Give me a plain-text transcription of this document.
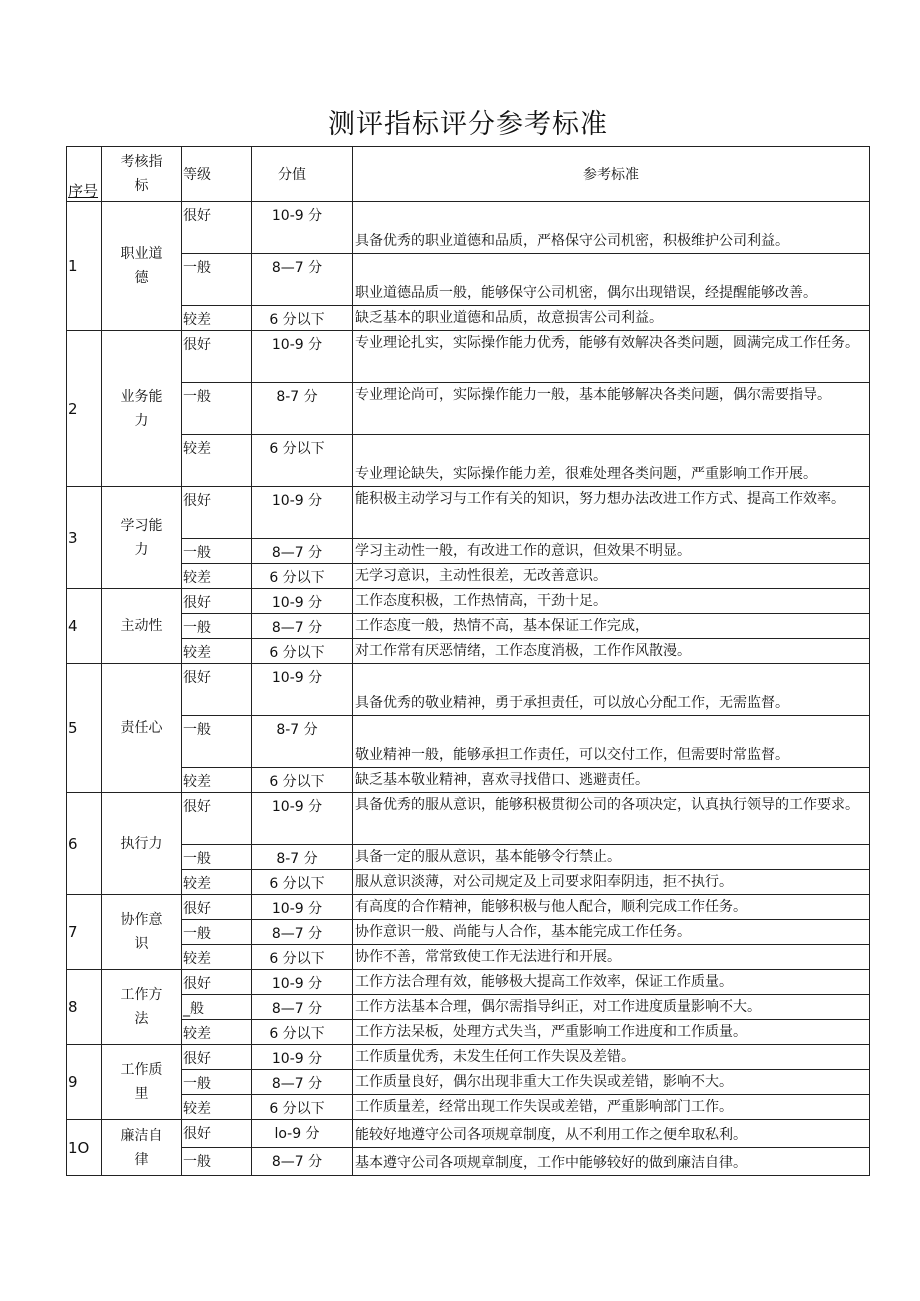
测评指标评分参考标准
序号	考核指标	等级	分值	参考标准
1	职业道德	很好	10-9 分	具备优秀的职业道德和品质，严格保守公司机密，积极维护公司利益。
		一般	8—7 分	职业道德品质一般，能够保守公司机密，偶尔出现错误，经提醒能够改善。
		较差	6 分以下	缺乏基本的职业道德和品质，故意损害公司利益。
2	业务能力	很好	10-9 分	专业理论扎实，实际操作能力优秀，能够有效解决各类问题，圆满完成工作任务。
		一般	8-7 分	专业理论尚可，实际操作能力一般，基本能够解决各类问题，偶尔需要指导。
		较差	6 分以下	专业理论缺失，实际操作能力差，很难处理各类问题，严重影响工作开展。
3	学习能力	很好	10-9 分	能积极主动学习与工作有关的知识，努力想办法改进工作方式、提高工作效率。
		一般	8—7 分	学习主动性一般，有改进工作的意识，但效果不明显。
		较差	6 分以下	无学习意识，主动性很差，无改善意识。
4	主动性	很好	10-9 分	工作态度积极，工作热情高，干劲十足。
		一般	8—7 分	工作态度一般，热情不高，基本保证工作完成，
		较差	6 分以下	对工作常有厌恶情绪，工作态度消极，工作作风散漫。
5	责任心	很好	10-9 分	具备优秀的敬业精神，勇于承担责任，可以放心分配工作，无需监督。
		一般	8-7 分	敬业精神一般，能够承担工作责任，可以交付工作，但需要时常监督。
		较差	6 分以下	缺乏基本敬业精神，喜欢寻找借口、逃避责任。
6	执行力	很好	10-9 分	具备优秀的服从意识，能够积极贯彻公司的各项决定，认真执行领导的工作要求。
		一般	8-7 分	具备一定的服从意识，基本能够令行禁止。
		较差	6 分以下	服从意识淡薄，对公司规定及上司要求阳奉阴违，拒不执行。
7	协作意识	很好	10-9 分	有高度的合作精神，能够积极与他人配合，顺利完成工作任务。
		一般	8—7 分	协作意识一般、尚能与人合作，基本能完成工作任务。
		较差	6 分以下	协作不善，常常致使工作无法进行和开展。
8	工作方法	很好	10-9 分	工作方法合理有效，能够极大提高工作效率，保证工作质量。
		_般	8—7 分	工作方法基本合理，偶尔需指导纠正，对工作进度质量影响不大。
		较差	6 分以下	工作方法呆板，处理方式失当，严重影响工作进度和工作质量。
9	工作质里	很好	10-9 分	工作质量优秀，未发生任何工作失误及差错。
		一般	8—7 分	工作质量良好，偶尔出现非重大工作失误或差错，影响不大。
		较差	6 分以下	工作质量差，经常出现工作失误或差错，严重影响部门工作。
1O	廉洁自律	很好	lo-9 分	能较好地遵守公司各项规章制度，从不利用工作之便牟取私利。
		一般	8—7 分	基本遵守公司各项规章制度，工作中能够较好的做到廉洁自律。
